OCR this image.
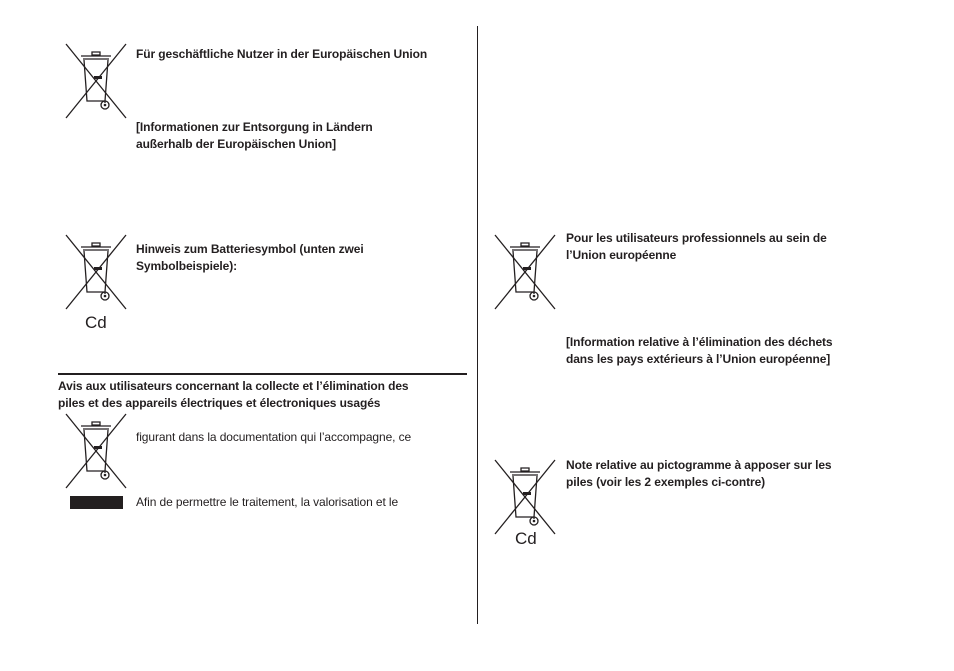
Für geschäftliche Nutzer in der Europäischen Union
[Informationen zur Entsorgung in Ländern
außerhalb der Europäischen Union]
Cd
Hinweis zum Batteriesymbol (unten zwei
Symbolbeispiele):
Avis aux utilisateurs concernant la collecte et l’élimination des
piles et des appareils électriques et électroniques usagés
figurant dans la documentation qui l’accompagne, ce
Afin de permettre le traitement, la valorisation et le
Pour les utilisateurs professionnels au sein de
l’Union européenne
[Information relative à l’élimination des déchets
dans les pays extérieurs à l’Union européenne]
Cd
Note relative au pictogramme à apposer sur les
piles (voir les 2 exemples ci-contre)
